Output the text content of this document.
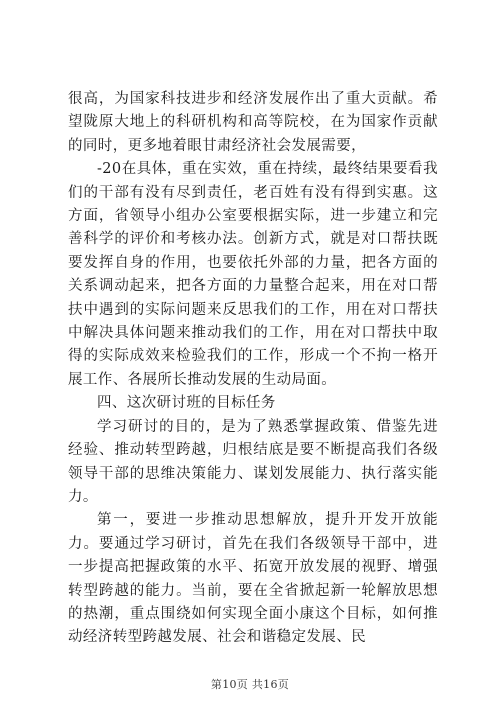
很高，为国家科技进步和经济发展作出了重大贡献。希望陇原大地上的科研机构和高等院校，在为国家作贡献的同时，更多地着眼甘肃经济社会发展需要，

-20在具体，重在实效，重在持续，最终结果要看我们的干部有没有尽到责任，老百姓有没有得到实惠。这方面，省领导小组办公室要根据实际，进一步建立和完善科学的评价和考核办法。创新方式，就是对口帮扶既要发挥自身的作用，也要依托外部的力量，把各方面的关系调动起来，把各方面的力量整合起来，用在对口帮扶中遇到的实际问题来反思我们的工作，用在对口帮扶中解决具体问题来推动我们的工作，用在对口帮扶中取得的实际成效来检验我们的工作，形成一个不拘一格开展工作、各展所长推动发展的生动局面。

四、这次研讨班的目标任务

学习研讨的目的，是为了熟悉掌握政策、借鉴先进经验、推动转型跨越，归根结底是要不断提高我们各级领导干部的思维决策能力、谋划发展能力、执行落实能力。

第一，要进一步推动思想解放，提升开发开放能力。要通过学习研讨，首先在我们各级领导干部中，进一步提高把握政策的水平、拓宽开放发展的视野、增强转型跨越的能力。当前，要在全省掀起新一轮解放思想的热潮，重点围绕如何实现全面小康这个目标，如何推动经济转型跨越发展、社会和谐稳定发展、民

第10页 共16页
